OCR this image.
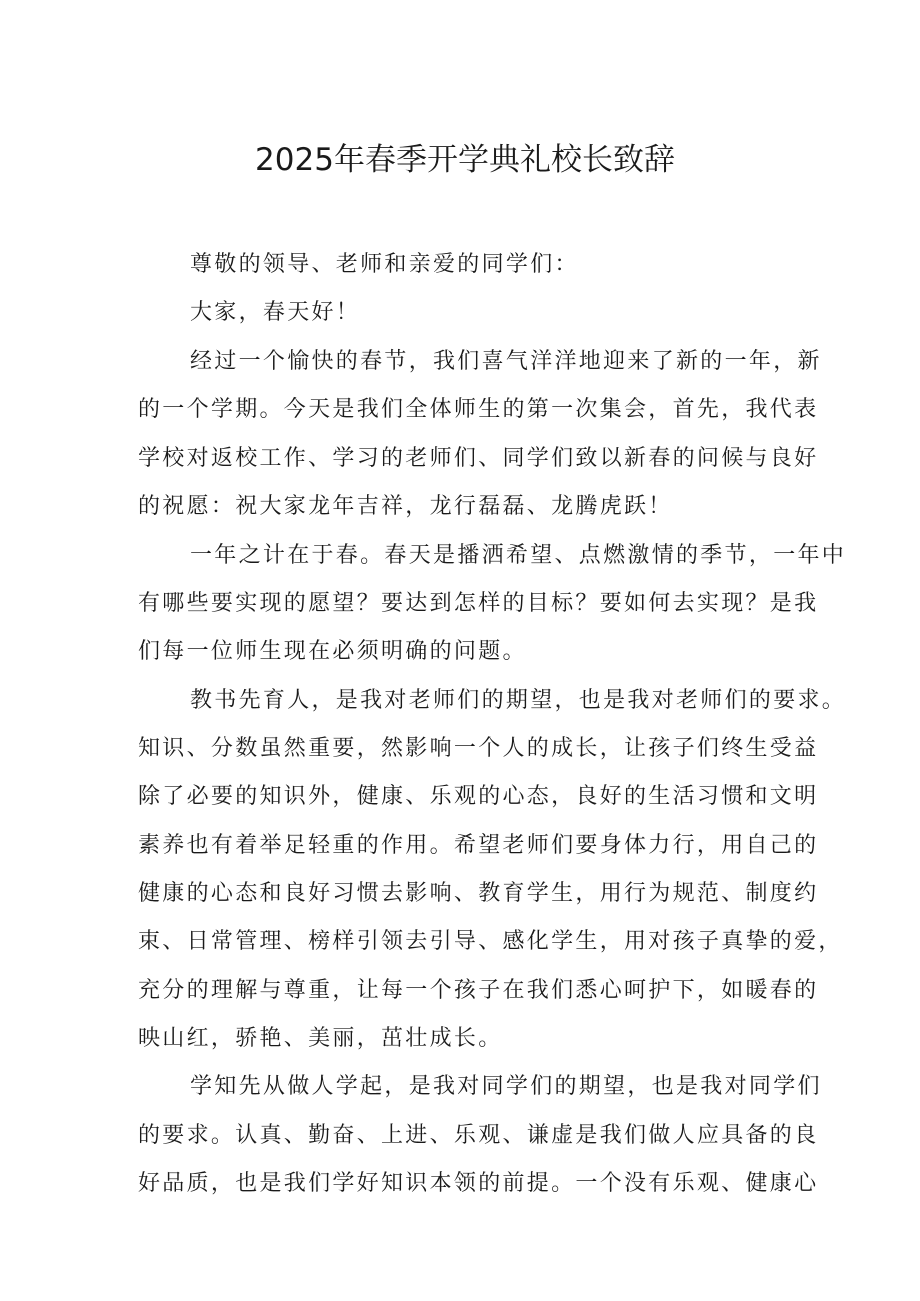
2025年春季开学典礼校长致辞

尊敬的领导、老师和亲爱的同学们：

大家，春天好！

经过一个愉快的春节，我们喜气洋洋地迎来了新的一年，新

的一个学期。今天是我们全体师生的第一次集会，首先，我代表

学校对返校工作、学习的老师们、同学们致以新春的问候与良好

的祝愿：祝大家龙年吉祥，龙行磊磊、龙腾虎跃！

一年之计在于春。春天是播洒希望、点燃激情的季节，一年中

有哪些要实现的愿望？要达到怎样的目标？要如何去实现？是我

们每一位师生现在必须明确的问题。

教书先育人，是我对老师们的期望，也是我对老师们的要求。

知识、分数虽然重要，然影响一个人的成长，让孩子们终生受益

除了必要的知识外，健康、乐观的心态，良好的生活习惯和文明

素养也有着举足轻重的作用。希望老师们要身体力行，用自己的

健康的心态和良好习惯去影响、教育学生，用行为规范、制度约

束、日常管理、榜样引领去引导、感化学生，用对孩子真挚的爱，

充分的理解与尊重，让每一个孩子在我们悉心呵护下，如暖春的

映山红，骄艳、美丽，茁壮成长。

学知先从做人学起，是我对同学们的期望，也是我对同学们

的要求。认真、勤奋、上进、乐观、谦虚是我们做人应具备的良

好品质，也是我们学好知识本领的前提。一个没有乐观、健康心
